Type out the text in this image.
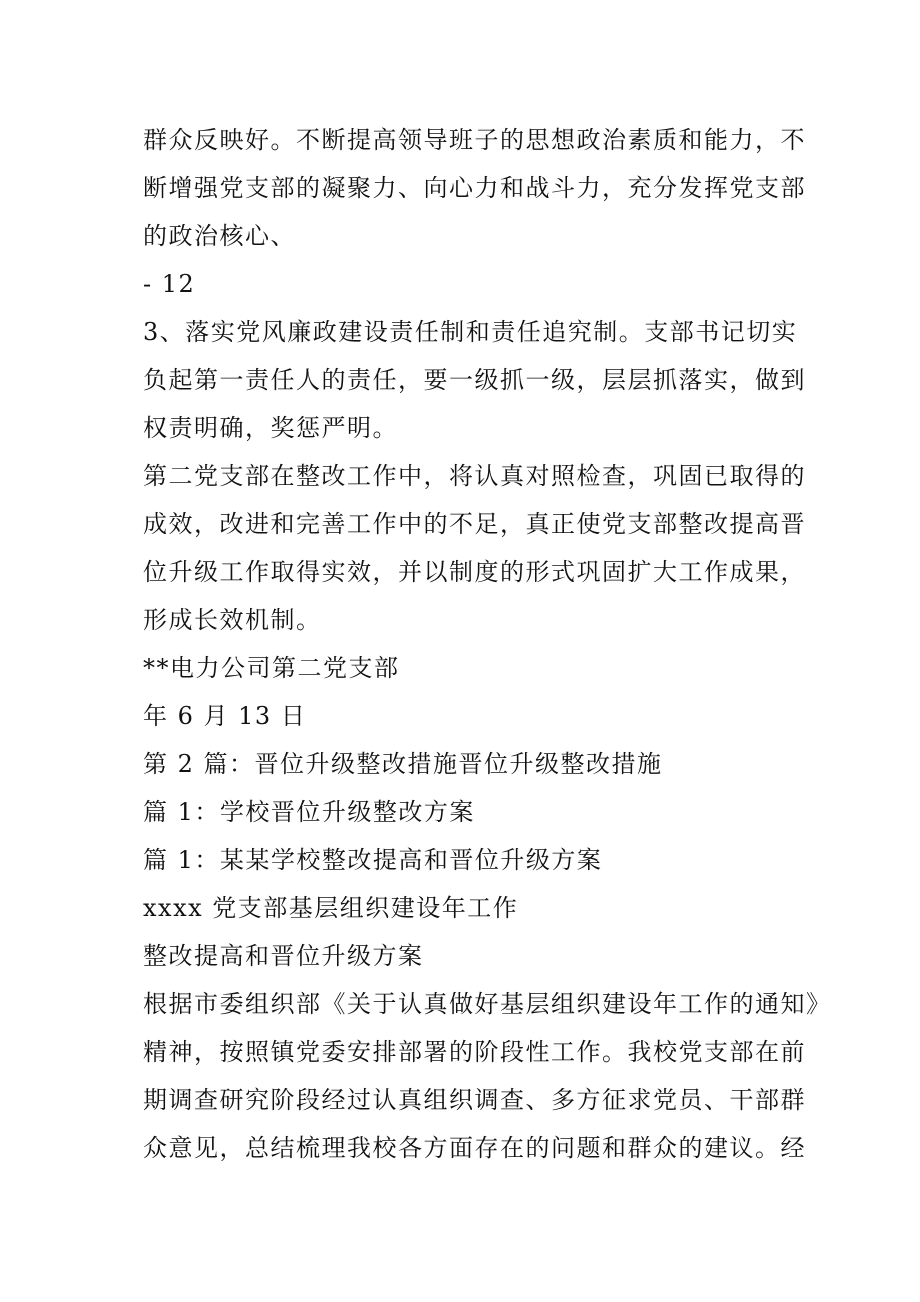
群众反映好。不断提高领导班子的思想政治素质和能力，不
断增强党支部的凝聚力、向心力和战斗力，充分发挥党支部
的政治核心、
- 12
3、落实党风廉政建设责任制和责任追究制。支部书记切实
负起第一责任人的责任，要一级抓一级，层层抓落实，做到
权责明确，奖惩严明。
第二党支部在整改工作中，将认真对照检查，巩固已取得的
成效，改进和完善工作中的不足，真正使党支部整改提高晋
位升级工作取得实效，并以制度的形式巩固扩大工作成果，
形成长效机制。
**电力公司第二党支部
年 6 月 13 日
第 2 篇：晋位升级整改措施晋位升级整改措施
篇 1：学校晋位升级整改方案
篇 1：某某学校整改提高和晋位升级方案
xxxx 党支部基层组织建设年工作
整改提高和晋位升级方案
根据市委组织部《关于认真做好基层组织建设年工作的通知》
精神，按照镇党委安排部署的阶段性工作。我校党支部在前
期调查研究阶段经过认真组织调查、多方征求党员、干部群
众意见，总结梳理我校各方面存在的问题和群众的建议。经
